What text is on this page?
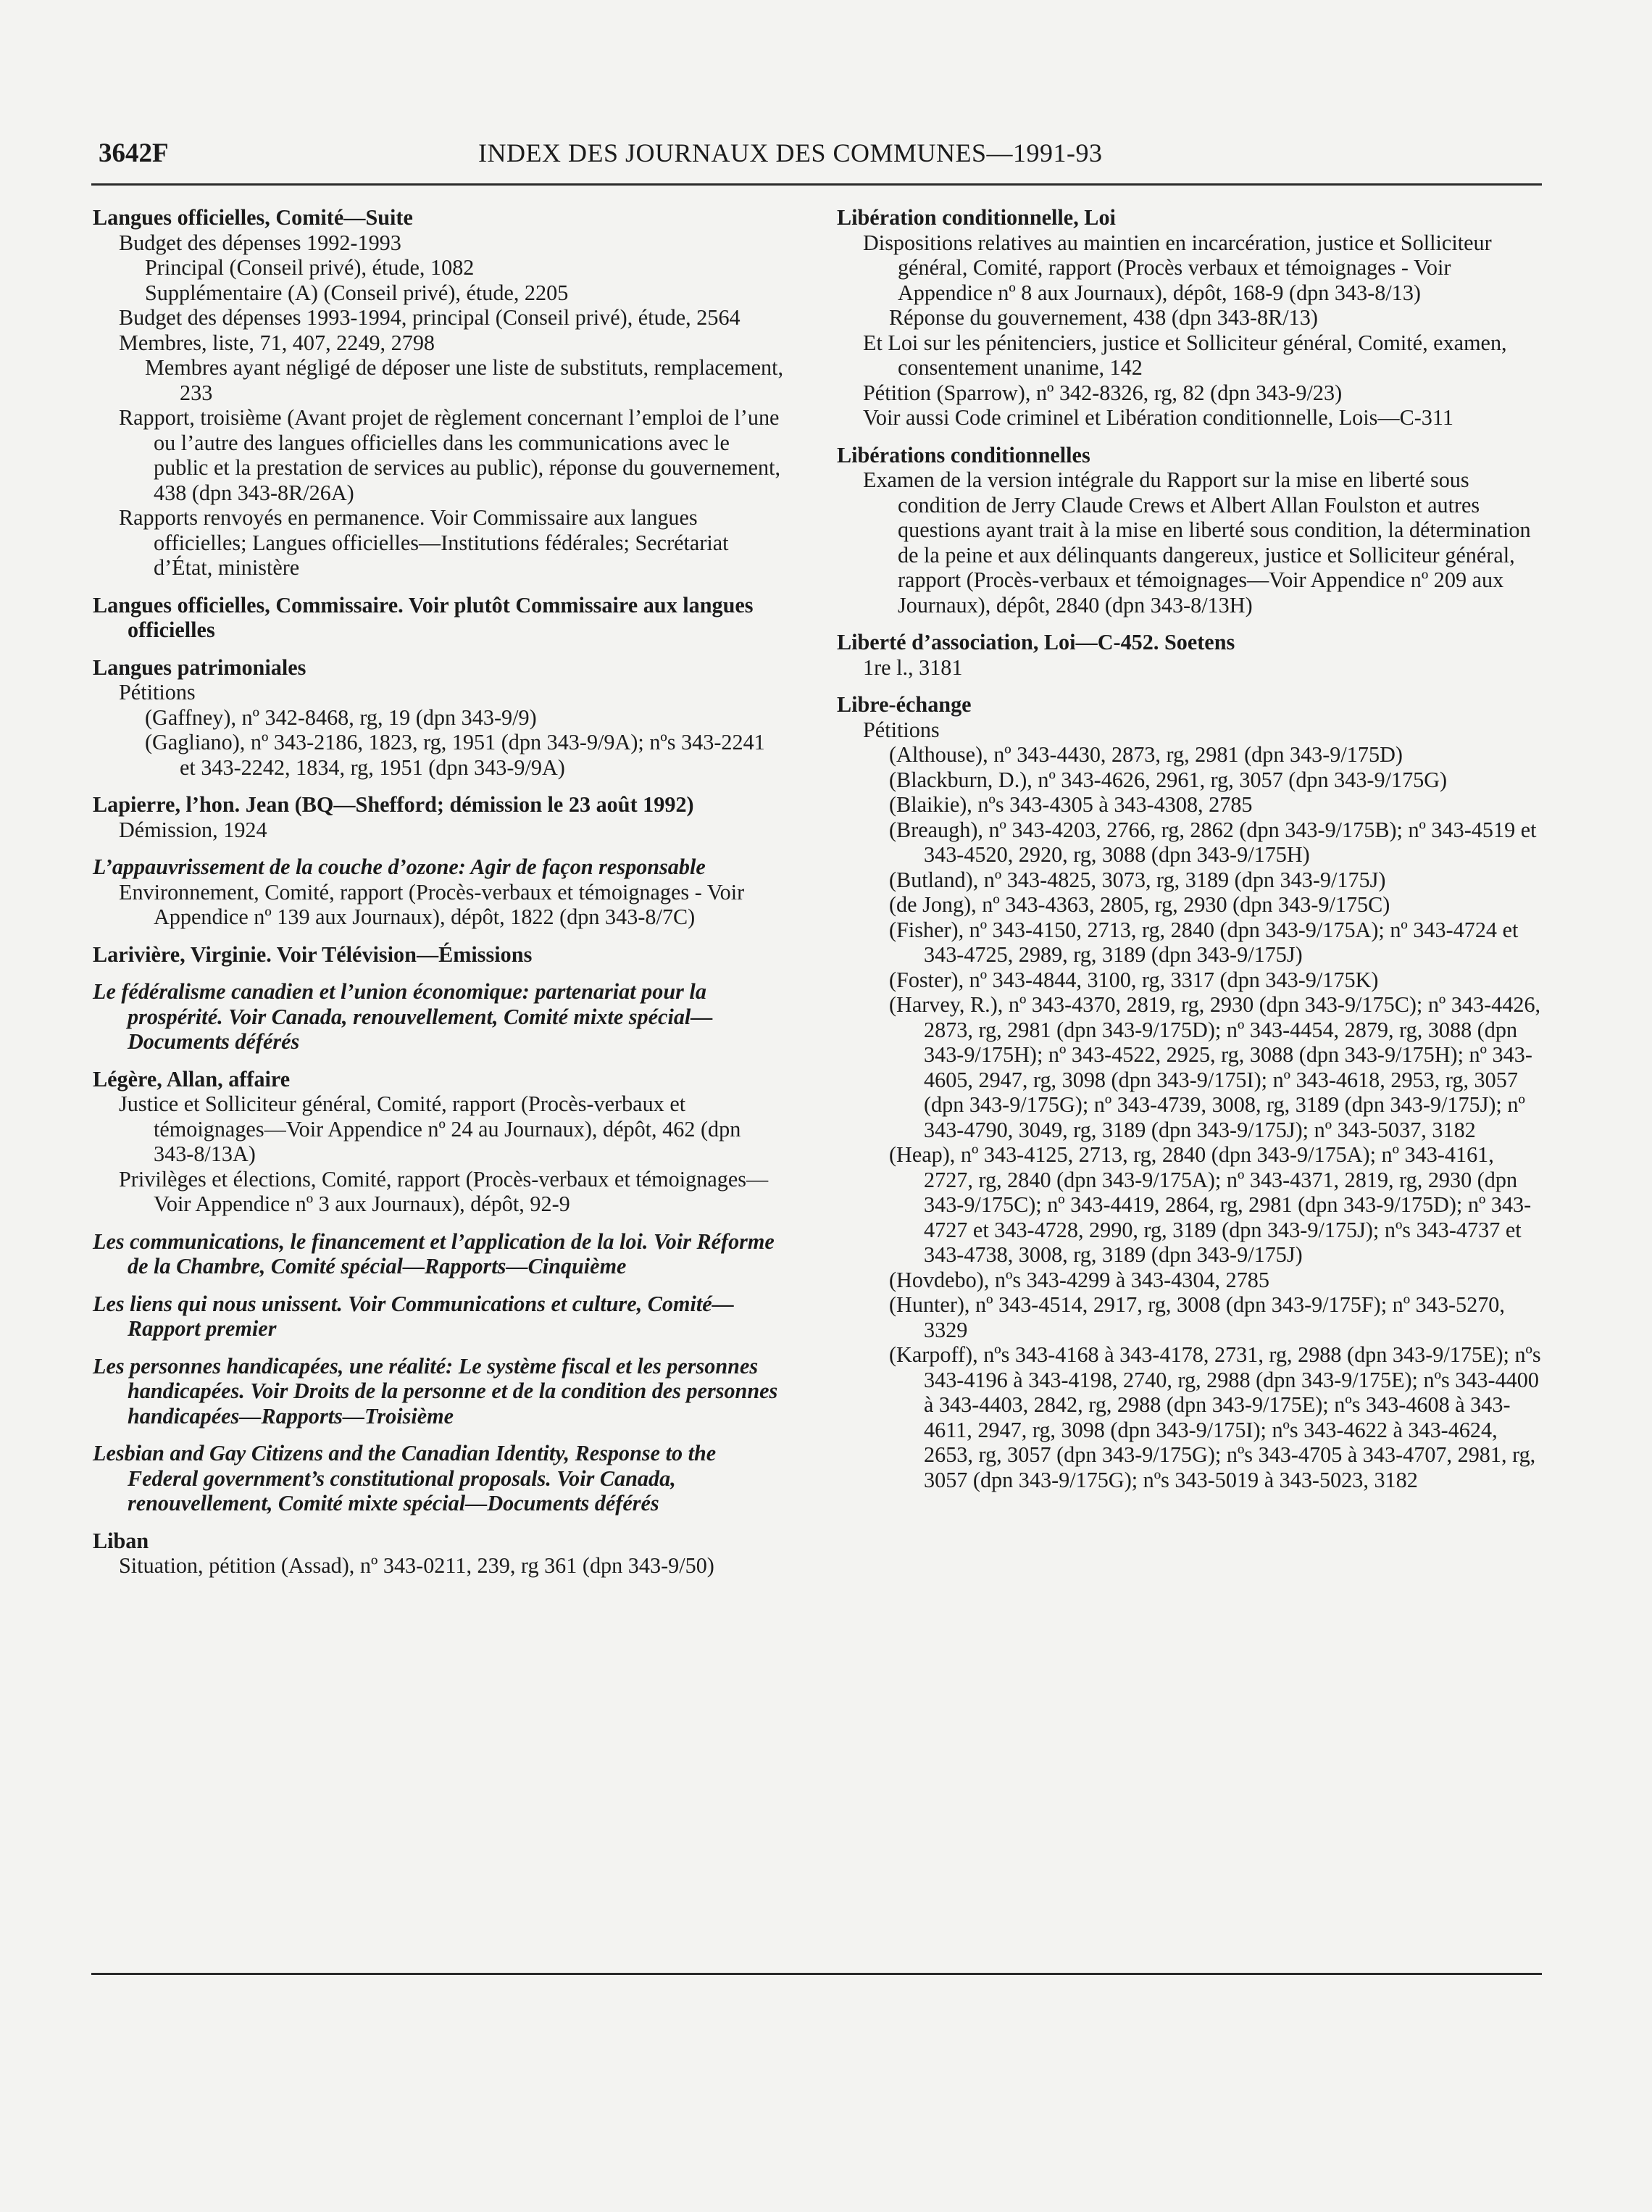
3642F	INDEX DES JOURNAUX DES COMMUNES—1991-93
Langues officielles, Comité—Suite
Budget des dépenses 1992-1993
Principal (Conseil privé), étude, 1082
Supplémentaire (A) (Conseil privé), étude, 2205
Budget des dépenses 1993-1994, principal (Conseil privé), étude, 2564
Membres, liste, 71, 407, 2249, 2798
Membres ayant négligé de déposer une liste de substituts, remplacement, 233
Rapport, troisième (Avant projet de règlement concernant l’emploi de l’une ou l’autre des langues officielles dans les communications avec le public et la prestation de services au public), réponse du gouvernement, 438 (dpn 343-8R/26A)
Rapports renvoyés en permanence. Voir Commissaire aux langues officielles; Langues officielles—Institutions fédérales; Secrétariat d’État, ministère
Langues officielles, Commissaire. Voir plutôt Commissaire aux langues officielles
Langues patrimoniales
Pétitions
(Gaffney), nº 342-8468, rg, 19 (dpn 343-9/9)
(Gagliano), nº 343-2186, 1823, rg, 1951 (dpn 343-9/9A); nºs 343-2241 et 343-2242, 1834, rg, 1951 (dpn 343-9/9A)
Lapierre, l’hon. Jean (BQ—Shefford; démission le 23 août 1992)
Démission, 1924
L’appauvrissement de la couche d’ozone: Agir de façon responsable
Environnement, Comité, rapport (Procès-verbaux et témoignages - Voir Appendice nº 139 aux Journaux), dépôt, 1822 (dpn 343-8/7C)
Larivière, Virginie. Voir Télévision—Émissions
Le fédéralisme canadien et l’union économique: partenariat pour la prospérité. Voir Canada, renouvellement, Comité mixte spécial—Documents déférés
Légère, Allan, affaire
Justice et Solliciteur général, Comité, rapport (Procès-verbaux et témoignages—Voir Appendice nº 24 au Journaux), dépôt, 462 (dpn 343-8/13A)
Privilèges et élections, Comité, rapport (Procès-verbaux et témoignages—Voir Appendice nº 3 aux Journaux), dépôt, 92-9
Les communications, le financement et l’application de la loi. Voir Réforme de la Chambre, Comité spécial—Rapports—Cinquième
Les liens qui nous unissent. Voir Communications et culture, Comité—Rapport premier
Les personnes handicapées, une réalité: Le système fiscal et les personnes handicapées. Voir Droits de la personne et de la condition des personnes handicapées—Rapports—Troisième
Lesbian and Gay Citizens and the Canadian Identity, Response to the Federal government’s constitutional proposals. Voir Canada, renouvellement, Comité mixte spécial—Documents déférés
Liban
Situation, pétition (Assad), nº 343-0211, 239, rg 361 (dpn 343-9/50)
Libération conditionnelle, Loi
Dispositions relatives au maintien en incarcération, justice et Solliciteur général, Comité, rapport (Procès verbaux et témoignages - Voir Appendice nº 8 aux Journaux), dépôt, 168-9 (dpn 343-8/13)
Réponse du gouvernement, 438 (dpn 343-8R/13)
Et Loi sur les pénitenciers, justice et Solliciteur général, Comité, examen, consentement unanime, 142
Pétition (Sparrow), nº 342-8326, rg, 82 (dpn 343-9/23)
Voir aussi Code criminel et Libération conditionnelle, Lois—C-311
Libérations conditionnelles
Examen de la version intégrale du Rapport sur la mise en liberté sous condition de Jerry Claude Crews et Albert Allan Foulston et autres questions ayant trait à la mise en liberté sous condition, la détermination de la peine et aux délinquants dangereux, justice et Solliciteur général, rapport (Procès-verbaux et témoignages—Voir Appendice nº 209 aux Journaux), dépôt, 2840 (dpn 343-8/13H)
Liberté d’association, Loi—C-452. Soetens
1re l., 3181
Libre-échange
Pétitions
(Althouse), nº 343-4430, 2873, rg, 2981 (dpn 343-9/175D)
(Blackburn, D.), nº 343-4626, 2961, rg, 3057 (dpn 343-9/175G)
(Blaikie), nºs 343-4305 à 343-4308, 2785
(Breaugh), nº 343-4203, 2766, rg, 2862 (dpn 343-9/175B); nº 343-4519 et 343-4520, 2920, rg, 3088 (dpn 343-9/175H)
(Butland), nº 343-4825, 3073, rg, 3189 (dpn 343-9/175J)
(de Jong), nº 343-4363, 2805, rg, 2930 (dpn 343-9/175C)
(Fisher), nº 343-4150, 2713, rg, 2840 (dpn 343-9/175A); nº 343-4724 et 343-4725, 2989, rg, 3189 (dpn 343-9/175J)
(Foster), nº 343-4844, 3100, rg, 3317 (dpn 343-9/175K)
(Harvey, R.), nº 343-4370, 2819, rg, 2930 (dpn 343-9/175C); nº 343-4426, 2873, rg, 2981 (dpn 343-9/175D); nº 343-4454, 2879, rg, 3088 (dpn 343-9/175H); nº 343-4522, 2925, rg, 3088 (dpn 343-9/175H); nº 343-4605, 2947, rg, 3098 (dpn 343-9/175I); nº 343-4618, 2953, rg, 3057 (dpn 343-9/175G); nº 343-4739, 3008, rg, 3189 (dpn 343-9/175J); nº 343-4790, 3049, rg, 3189 (dpn 343-9/175J); nº 343-5037, 3182
(Heap), nº 343-4125, 2713, rg, 2840 (dpn 343-9/175A); nº 343-4161, 2727, rg, 2840 (dpn 343-9/175A); nº 343-4371, 2819, rg, 2930 (dpn 343-9/175C); nº 343-4419, 2864, rg, 2981 (dpn 343-9/175D); nº 343-4727 et 343-4728, 2990, rg, 3189 (dpn 343-9/175J); nºs 343-4737 et 343-4738, 3008, rg, 3189 (dpn 343-9/175J)
(Hovdebo), nºs 343-4299 à 343-4304, 2785
(Hunter), nº 343-4514, 2917, rg, 3008 (dpn 343-9/175F); nº 343-5270, 3329
(Karpoff), nºs 343-4168 à 343-4178, 2731, rg, 2988 (dpn 343-9/175E); nºs 343-4196 à 343-4198, 2740, rg, 2988 (dpn 343-9/175E); nºs 343-4400 à 343-4403, 2842, rg, 2988 (dpn 343-9/175E); nºs 343-4608 à 343-4611, 2947, rg, 3098 (dpn 343-9/175I); nºs 343-4622 à 343-4624, 2653, rg, 3057 (dpn 343-9/175G); nºs 343-4705 à 343-4707, 2981, rg, 3057 (dpn 343-9/175G); nºs 343-5019 à 343-5023, 3182
